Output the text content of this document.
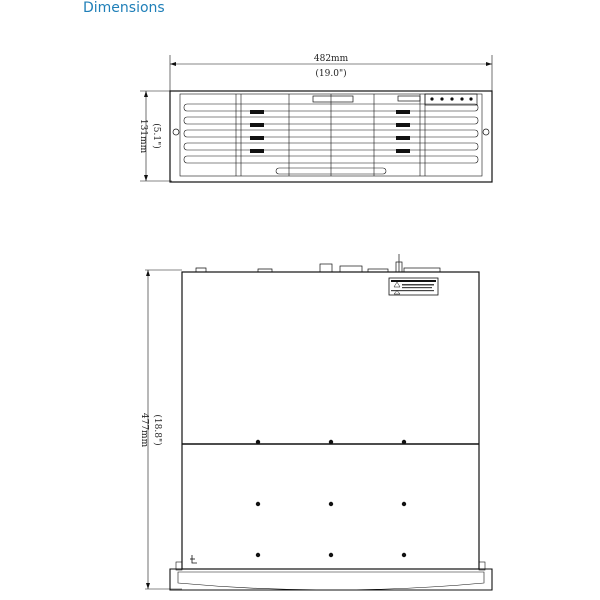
Dimensions
482mm
(19.0")
131mm (5.1")
477mm (18.8")
